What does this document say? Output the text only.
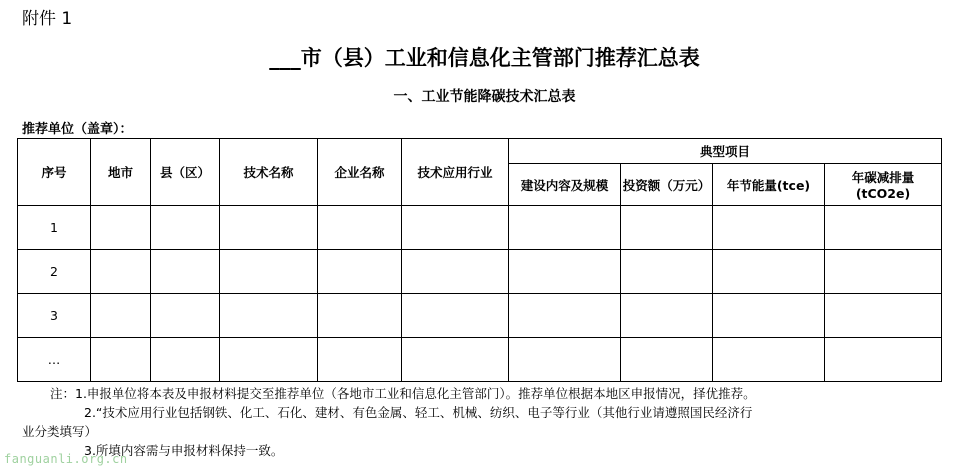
附件 1
___市（县）工业和信息化主管部门推荐汇总表
一、工业节能降碳技术汇总表
推荐单位（盖章）：
序号	地市	县（区）	技术名称	企业名称	技术应用行业	典型项目			
						建设内容及规模	投资额（万元）	年节能量(tce)	年碳减排量(tCO2e)
1									
2									
3									
…									
注：1.申报单位将本表及申报材料提交至推荐单位（各地市工业和信息化主管部门）。推荐单位根据本地区申报情况，择优推荐。
2.“技术应用行业包括钢铁、化工、石化、建材、有色金属、轻工、机械、纺织、电子等行业（其他行业请遵照国民经济行
业分类填写）
3.所填内容需与申报材料保持一致。
fanguanli.org.cn
